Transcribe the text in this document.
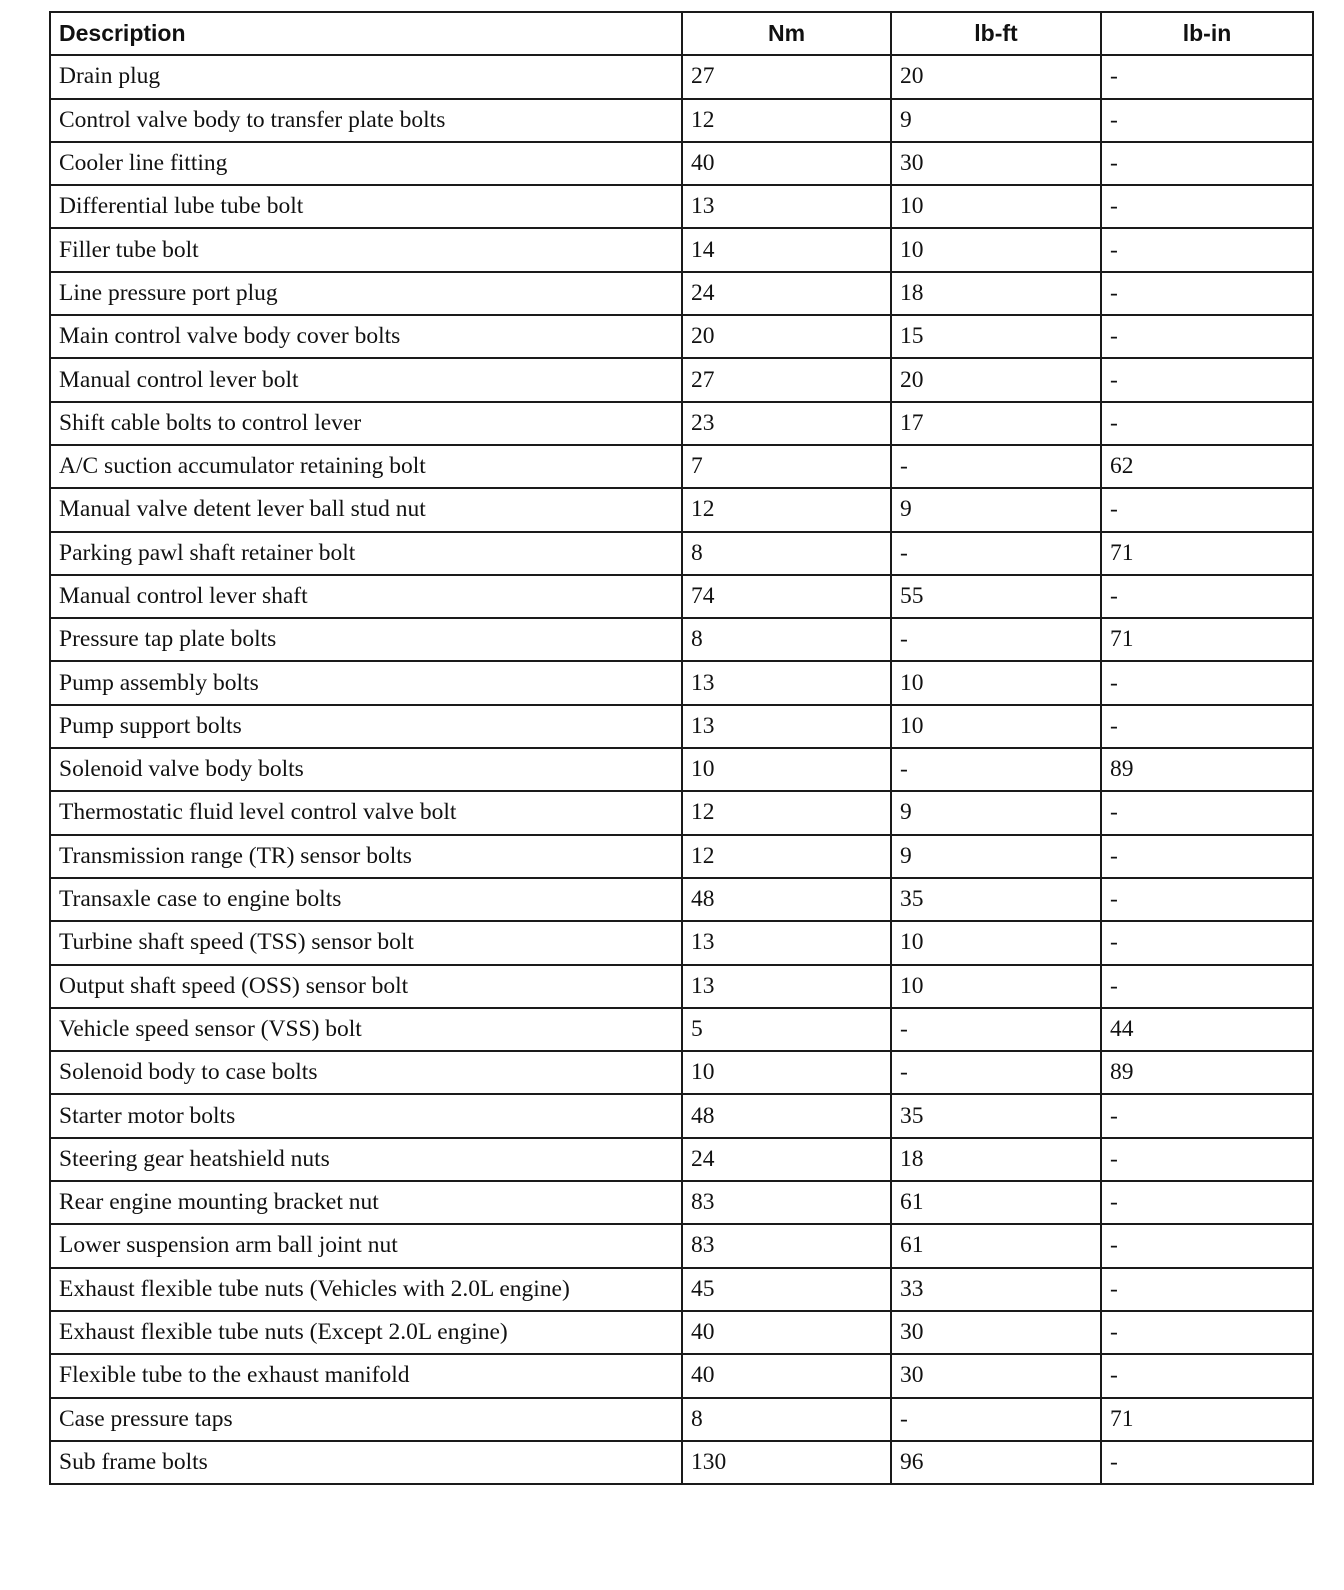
Description	Nm	lb-ft	lb-in
Drain plug	27	20	-
Control valve body to transfer plate bolts	12	9	-
Cooler line fitting	40	30	-
Differential lube tube bolt	13	10	-
Filler tube bolt	14	10	-
Line pressure port plug	24	18	-
Main control valve body cover bolts	20	15	-
Manual control lever bolt	27	20	-
Shift cable bolts to control lever	23	17	-
A/C suction accumulator retaining bolt	7	-	62
Manual valve detent lever ball stud nut	12	9	-
Parking pawl shaft retainer bolt	8	-	71
Manual control lever shaft	74	55	-
Pressure tap plate bolts	8	-	71
Pump assembly bolts	13	10	-
Pump support bolts	13	10	-
Solenoid valve body bolts	10	-	89
Thermostatic fluid level control valve bolt	12	9	-
Transmission range (TR) sensor bolts	12	9	-
Transaxle case to engine bolts	48	35	-
Turbine shaft speed (TSS) sensor bolt	13	10	-
Output shaft speed (OSS) sensor bolt	13	10	-
Vehicle speed sensor (VSS) bolt	5	-	44
Solenoid body to case bolts	10	-	89
Starter motor bolts	48	35	-
Steering gear heatshield nuts	24	18	-
Rear engine mounting bracket nut	83	61	-
Lower suspension arm ball joint nut	83	61	-
Exhaust flexible tube nuts (Vehicles with 2.0L engine)	45	33	-
Exhaust flexible tube nuts (Except 2.0L engine)	40	30	-
Flexible tube to the exhaust manifold	40	30	-
Case pressure taps	8	-	71
Sub frame bolts	130	96	-
